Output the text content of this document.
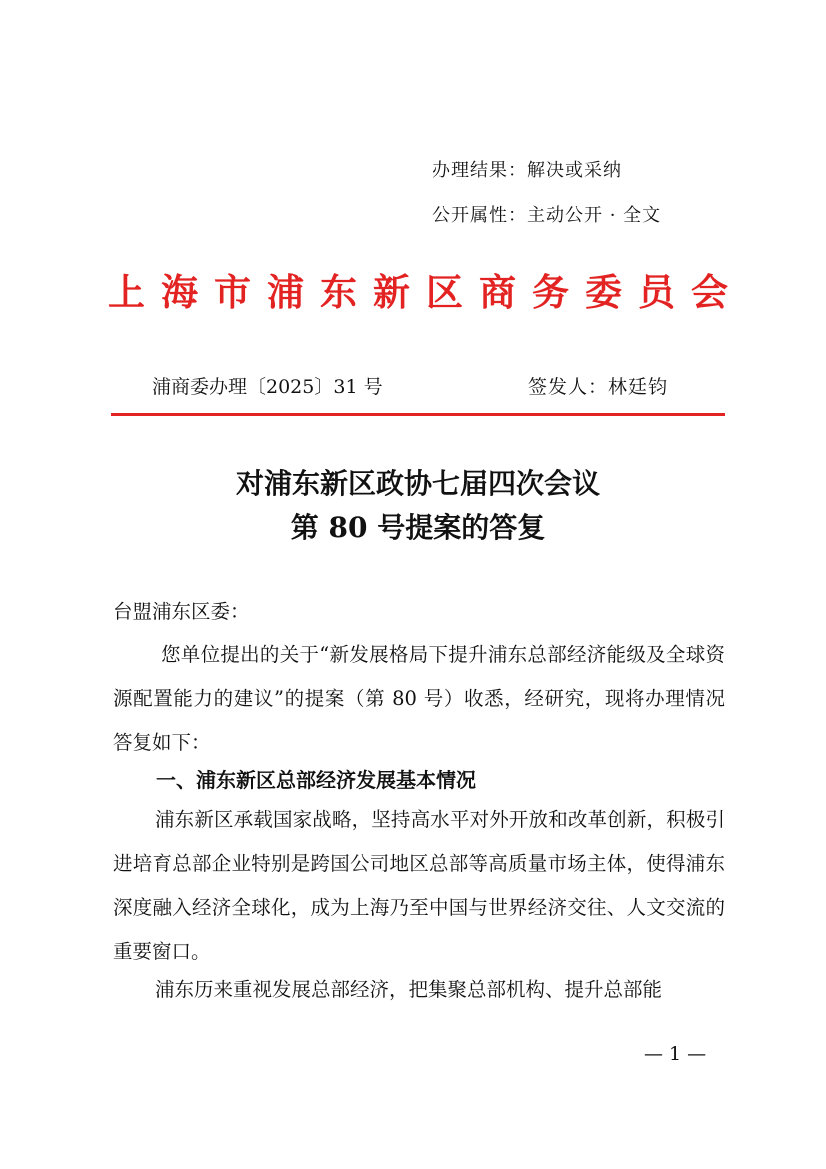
办理结果：解决或采纳
公开属性：主动公开 · 全文
上 海 市 浦 东 新 区 商 务 委 员 会
浦商委办理〔2025〕31 号	签发人：林廷钧
对浦东新区政协七届四次会议
第 80 号提案的答复
台盟浦东区委：
您单位提出的关于“新发展格局下提升浦东总部经济能级及全球资源配置能力的建议”的提案（第 80 号）收悉，经研究，现将办理情况答复如下：
一、浦东新区总部经济发展基本情况
浦东新区承载国家战略，坚持高水平对外开放和改革创新，积极引进培育总部企业特别是跨国公司地区总部等高质量市场主体，使得浦东深度融入经济全球化，成为上海乃至中国与世界经济交往、人文交流的重要窗口。
浦东历来重视发展总部经济，把集聚总部机构、提升总部能
— 1 —
